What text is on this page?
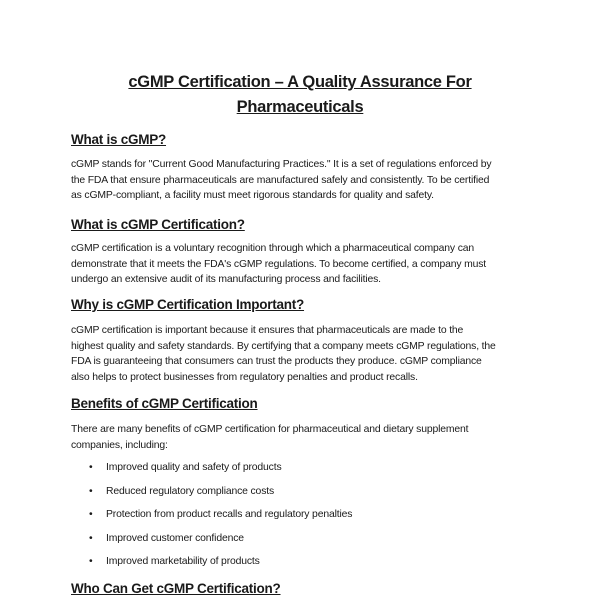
cGMP Certification – A Quality Assurance For
Pharmaceuticals
What is cGMP?

cGMP stands for "Current Good Manufacturing Practices." It is a set of regulations enforced by
the FDA that ensure pharmaceuticals are manufactured safely and consistently. To be certified
as cGMP-compliant, a facility must meet rigorous standards for quality and safety.

What is cGMP Certification?

cGMP certification is a voluntary recognition through which a pharmaceutical company can
demonstrate that it meets the FDA's cGMP regulations. To become certified, a company must
undergo an extensive audit of its manufacturing process and facilities.

Why is cGMP Certification Important?

cGMP certification is important because it ensures that pharmaceuticals are made to the
highest quality and safety standards. By certifying that a company meets cGMP regulations, the
FDA is guaranteeing that consumers can trust the products they produce. cGMP compliance
also helps to protect businesses from regulatory penalties and product recalls.

Benefits of cGMP Certification

There are many benefits of cGMP certification for pharmaceutical and dietary supplement
companies, including:

• Improved quality and safety of products
• Reduced regulatory compliance costs
• Protection from product recalls and regulatory penalties
• Improved customer confidence
• Improved marketability of products
Who Can Get cGMP Certification?
